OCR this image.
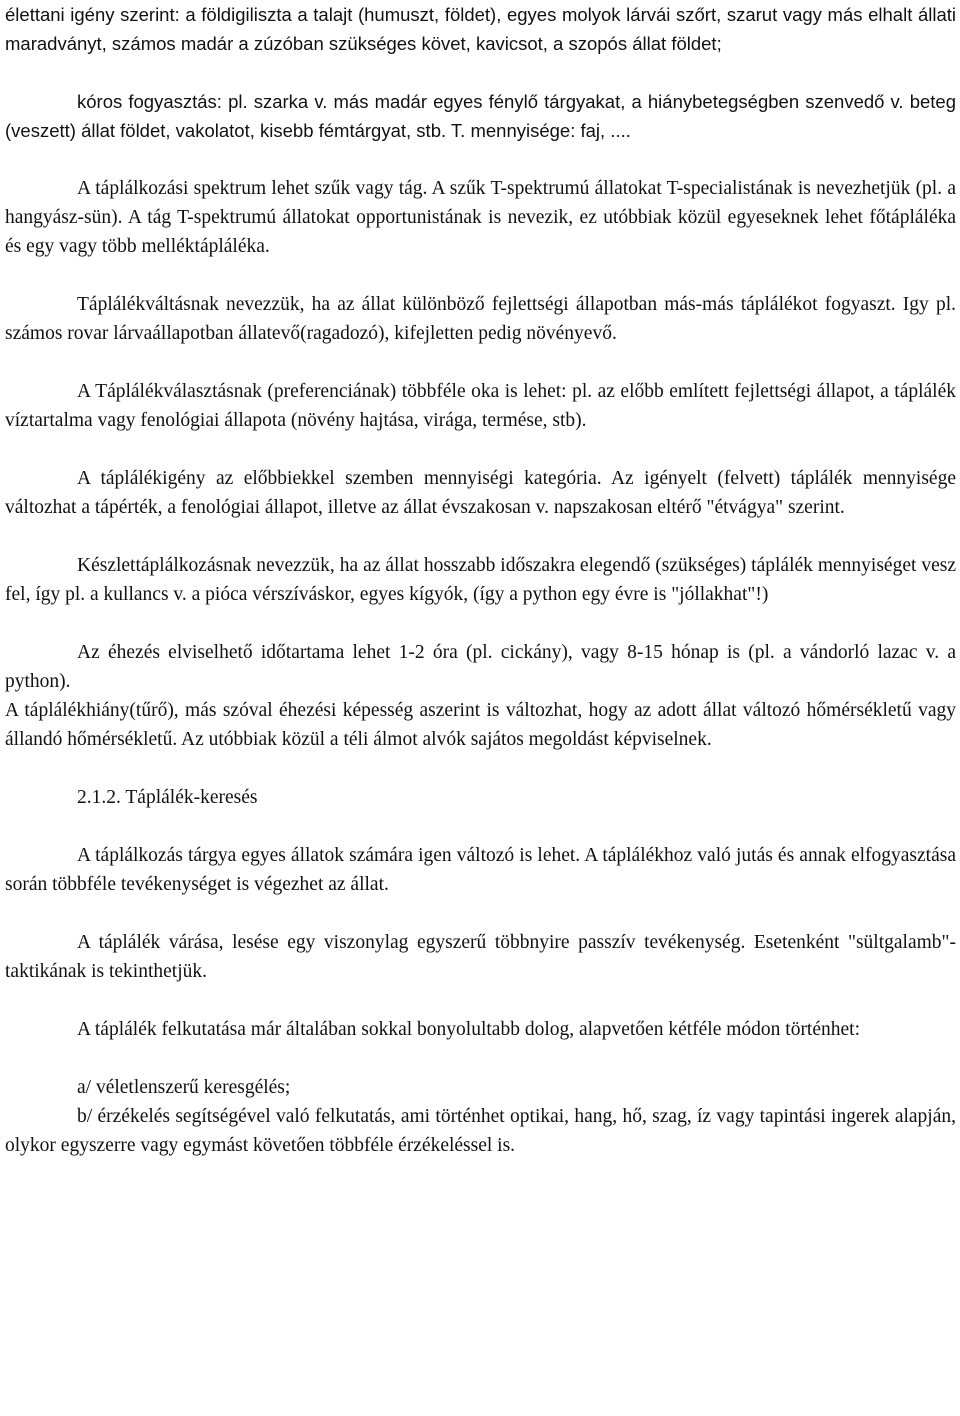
élettani igény szerint: a földigiliszta a talajt (humuszt, földet), egyes molyok lárvái szőrt, szarut vagy más elhalt állati maradványt, számos madár a zúzóban szükséges követ, kavicsot, a szopós állat földet;

kóros fogyasztás: pl. szarka v. más madár egyes fénylő tárgyakat, a hiánybetegségben szenvedő v. beteg (veszett) állat földet, vakolatot, kisebb fémtárgyat, stb. T. mennyisége: faj, ....

A táplálkozási spektrum lehet szűk vagy tág. A szűk T-spektrumú állatokat T-specialistának is nevezhetjük (pl. a hangyász-sün). A tág T-spektrumú állatokat opportunistának is nevezik, ez utóbbiak közül egyeseknek lehet főtápláléka és egy vagy több melléktápláléka.

Táplálékváltásnak nevezzük, ha az állat különböző fejlettségi állapotban más-más táplálékot fogyaszt. Igy pl. számos rovar lárvaállapotban állatevő(ragadozó), kifejletten pedig növényevő.

A Táplálékválasztásnak (preferenciának) többféle oka is lehet: pl. az előbb említett fejlettségi állapot, a táplálék víztartalma vagy fenológiai állapota (növény hajtása, virága, termése, stb).

A táplálékigény az előbbiekkel szemben mennyiségi kategória. Az igényelt (felvett) táplálék mennyisége változhat a tápérték, a fenológiai állapot, illetve az állat évszakosan v. napszakosan eltérő "étvágya" szerint.

Készlettáplálkozásnak nevezzük, ha az állat hosszabb időszakra elegendő (szükséges) táplálék mennyiséget vesz fel, így pl. a kullancs v. a pióca vérszíváskor, egyes kígyók, (így a python egy évre is "jóllakhat"!)

Az éhezés elviselhető időtartama lehet 1-2 óra (pl. cickány), vagy 8-15 hónap is (pl. a vándorló lazac v. a python).

A táplálékhiány(tűrő), más szóval éhezési képesség aszerint is változhat, hogy az adott állat változó hőmérsékletű vagy állandó hőmérsékletű. Az utóbbiak közül a téli álmot alvók sajátos megoldást képviselnek.

2.1.2. Táplálék-keresés

A táplálkozás tárgya egyes állatok számára igen változó is lehet. A táplálékhoz való jutás és annak elfogyasztása során többféle tevékenységet is végezhet az állat.

A táplálék várása, lesése egy viszonylag egyszerű többnyire passzív tevékenység. Esetenként "sültgalamb"-taktikának is tekinthetjük.

A táplálék felkutatása már általában sokkal bonyolultabb dolog, alapvetően kétféle módon történhet:

a/ véletlenszerű keresgélés;

b/ érzékelés segítségével való felkutatás, ami történhet optikai, hang, hő, szag, íz vagy tapintási ingerek alapján, olykor egyszerre vagy egymást követően többféle érzékeléssel is.
